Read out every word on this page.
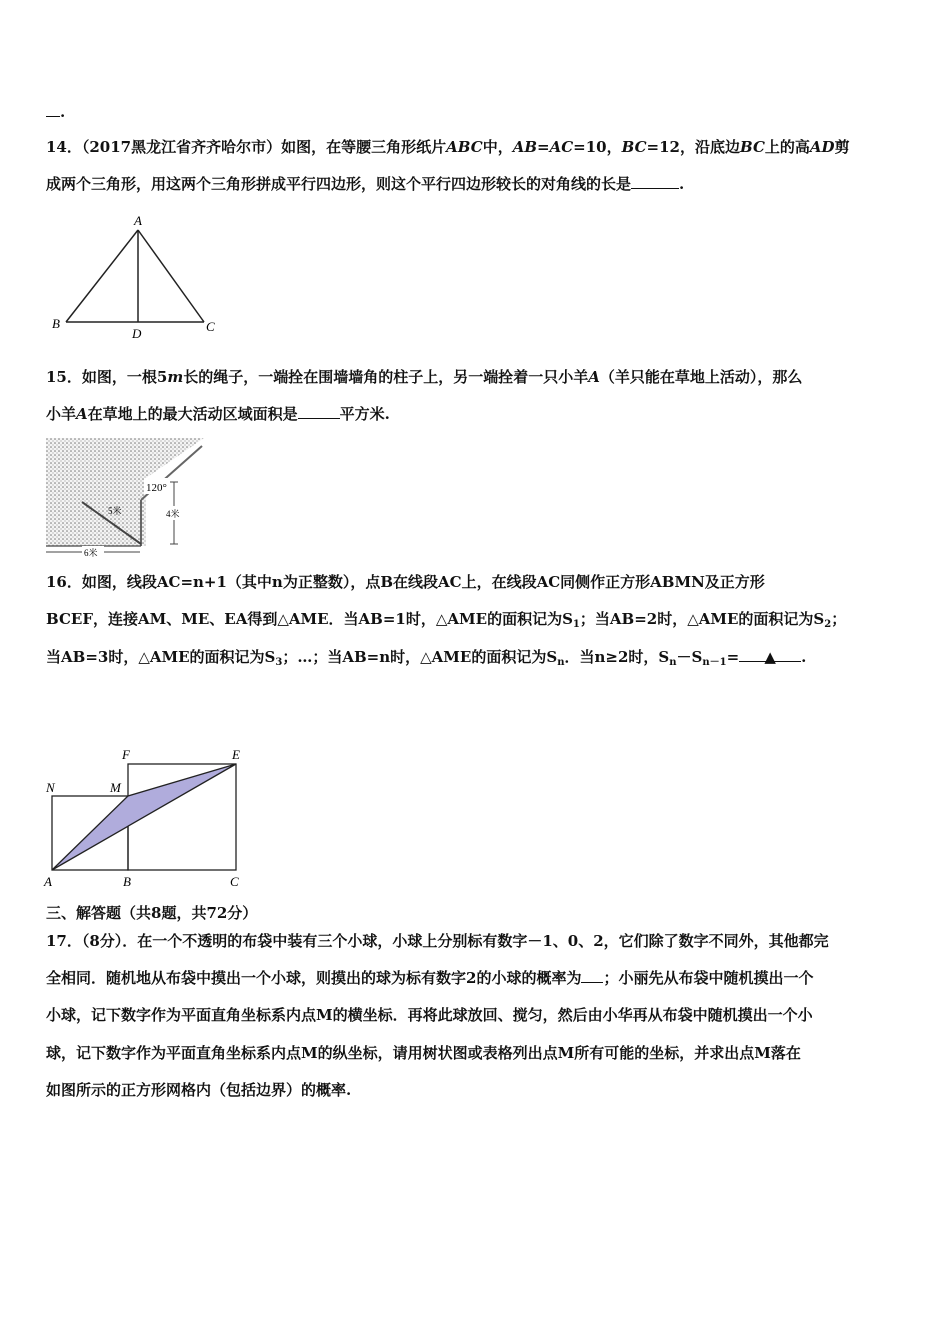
.
14．（2017黑龙江省齐齐哈尔市）如图，在等腰三角形纸片ABC中，AB=AC=10，BC=12，沿底边BC上的高AD剪
成两个三角形，用这两个三角形拼成平行四边形，则这个平行四边形较长的对角线的长是	.
A
B	C
D
15．如图，一根5m长的绳子，一端拴在围墙墙角的柱子上，另一端拴着一只小羊A（羊只能在草地上活动），那么
小羊A在草地上的最大活动区域面积是	平方米.
120°
4米
5米
6米
16．如图，线段AC=n+1（其中n为正整数），点B在线段AC上，在线段AC同侧作正方形ABMN及正方形
BCEF，连接AM、ME、EA得到△AME．当AB=1时，△AME的面积记为$S_1$；当AB=2时，△AME的面积记为$S_2$；
当AB=3时，△AME的面积记为$S_3$；…；当AB=n时，△AME的面积记为$S_n$．当n≥2时，$S_n-S_{n-1}=$ ▲ .
N	M
F	E
A	B	C
三、解答题（共8题，共72分）
17．（8分）．在一个不透明的布袋中装有三个小球，小球上分别标有数字－1、0、2，它们除了数字不同外，其他都完
全相同．随机地从布袋中摸出一个小球，则摸出的球为标有数字2的小球的概率为 ；小丽先从布袋中随机摸出一个
小球，记下数字作为平面直角坐标系内点M的横坐标．再将此球放回、搅匀，然后由小华再从布袋中随机摸出一个小
球，记下数字作为平面直角坐标系内点M的纵坐标，请用树状图或表格列出点M所有可能的坐标，并求出点M落在
如图所示的正方形网格内（包括边界）的概率.
